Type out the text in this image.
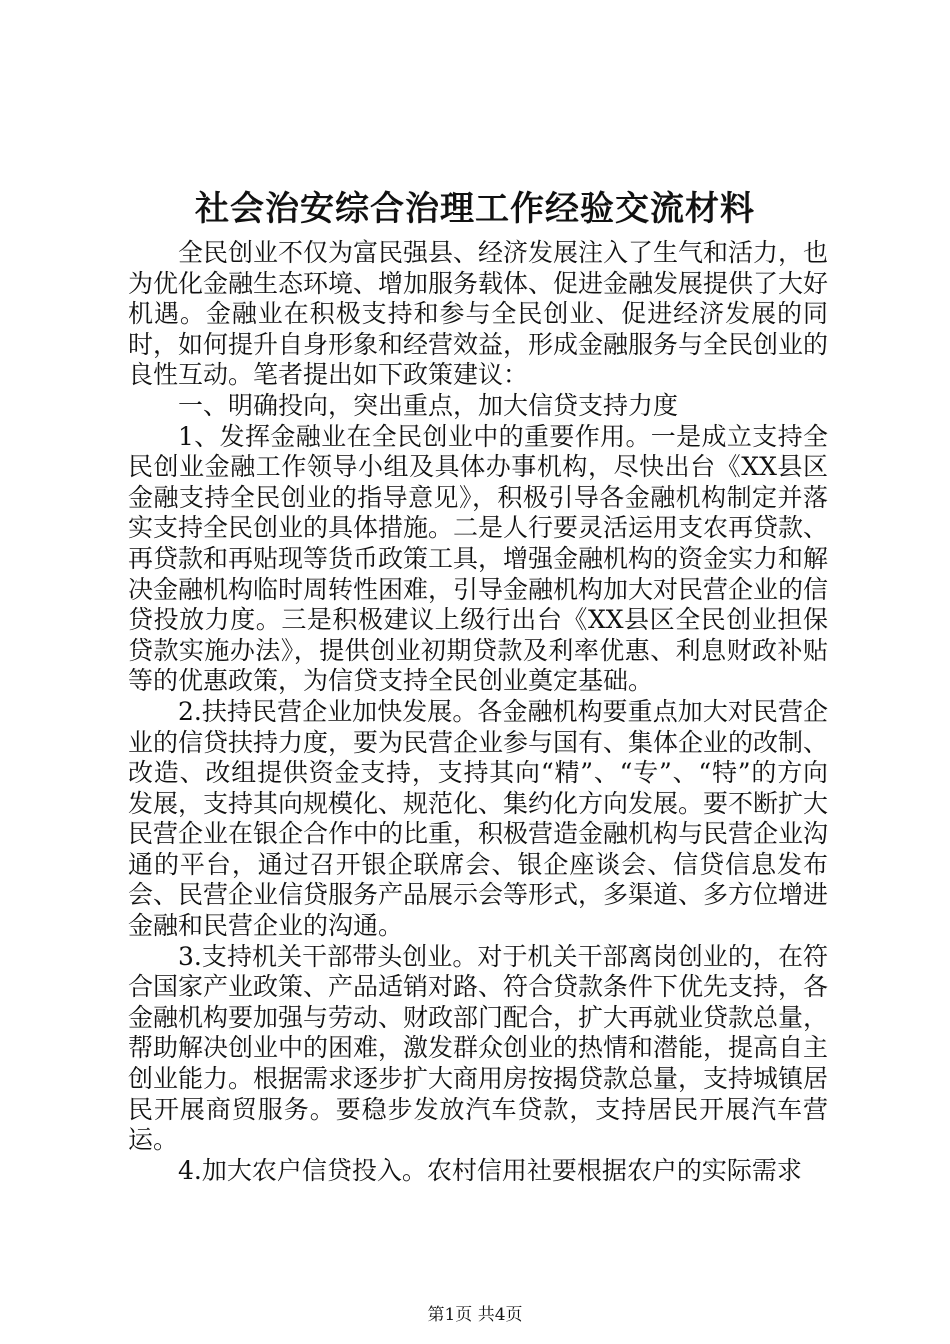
社会治安综合治理工作经验交流材料

全民创业不仅为富民强县、经济发展注入了生气和活力，也为优化金融生态环境、增加服务载体、促进金融发展提供了大好机遇。金融业在积极支持和参与全民创业、促进经济发展的同时，如何提升自身形象和经营效益，形成金融服务与全民创业的良性互动。笔者提出如下政策建议：

一、明确投向，突出重点，加大信贷支持力度

1、发挥金融业在全民创业中的重要作用。一是成立支持全民创业金融工作领导小组及具体办事机构，尽快出台《XX县区金融支持全民创业的指导意见》，积极引导各金融机构制定并落实支持全民创业的具体措施。二是人行要灵活运用支农再贷款、再贷款和再贴现等货币政策工具，增强金融机构的资金实力和解决金融机构临时周转性困难，引导金融机构加大对民营企业的信贷投放力度。三是积极建议上级行出台《XX县区全民创业担保贷款实施办法》，提供创业初期贷款及利率优惠、利息财政补贴等的优惠政策，为信贷支持全民创业奠定基础。

2.扶持民营企业加快发展。各金融机构要重点加大对民营企业的信贷扶持力度，要为民营企业参与国有、集体企业的改制、改造、改组提供资金支持，支持其向“精”、“专”、“特”的方向发展，支持其向规模化、规范化、集约化方向发展。要不断扩大民营企业在银企合作中的比重，积极营造金融机构与民营企业沟通的平台，通过召开银企联席会、银企座谈会、信贷信息发布会、民营企业信贷服务产品展示会等形式，多渠道、多方位增进金融和民营企业的沟通。

3.支持机关干部带头创业。对于机关干部离岗创业的，在符合国家产业政策、产品适销对路、符合贷款条件下优先支持，各金融机构要加强与劳动、财政部门配合，扩大再就业贷款总量，帮助解决创业中的困难，激发群众创业的热情和潜能，提高自主创业能力。根据需求逐步扩大商用房按揭贷款总量，支持城镇居民开展商贸服务。要稳步发放汽车贷款，支持居民开展汽车营运。

4.加大农户信贷投入。农村信用社要根据农户的实际需求

第1页 共4页
